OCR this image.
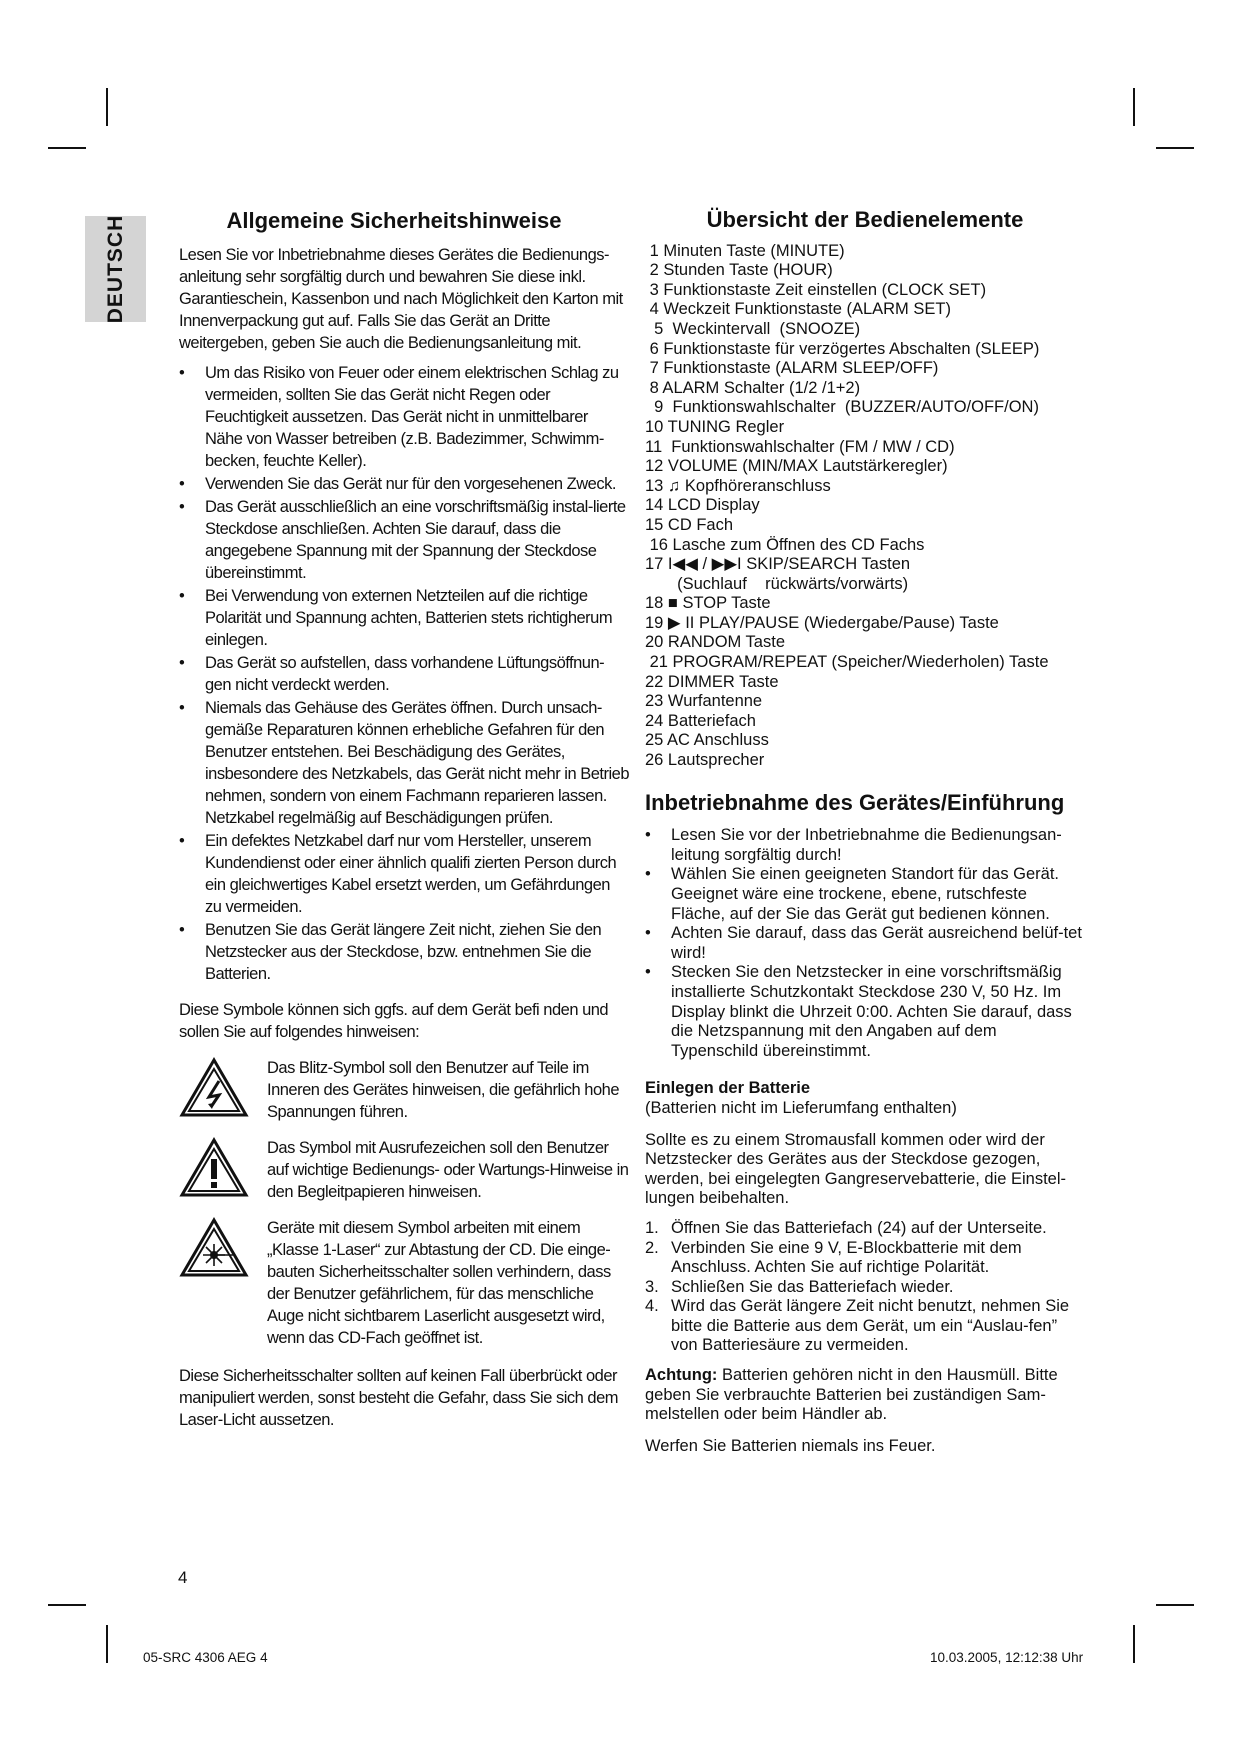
DEUTSCH	Allgemeine Sicherheitshinweise

Lesen Sie vor Inbetriebnahme dieses Gerätes die Bedienungs-anleitung sehr sorgfältig durch und bewahren Sie diese inkl. Garantieschein, Kassenbon und nach Möglichkeit den Karton mit Innenverpackung gut auf. Falls Sie das Gerät an Dritte weitergeben, geben Sie auch die Bedienungsanleitung mit.

• Um das Risiko von Feuer oder einem elektrischen Schlag zu vermeiden, sollten Sie das Gerät nicht Regen oder Feuchtigkeit aussetzen. Das Gerät nicht in unmittelbarer Nähe von Wasser betreiben (z.B. Badezimmer, Schwimm-becken, feuchte Keller).
• Verwenden Sie das Gerät nur für den vorgesehenen Zweck.
• Das Gerät ausschließlich an eine vorschriftsmäßig instal-lierte Steckdose anschließen. Achten Sie darauf, dass die angegebene Spannung mit der Spannung der Steckdose übereinstimmt.
• Bei Verwendung von externen Netzteilen auf die richtige Polarität und Spannung achten, Batterien stets richtigherum einlegen.
• Das Gerät so aufstellen, dass vorhandene Lüftungsöffnun-gen nicht verdeckt werden.
• Niemals das Gehäuse des Gerätes öffnen. Durch unsach-gemäße Reparaturen können erhebliche Gefahren für den Benutzer entstehen. Bei Beschädigung des Gerätes, insbesondere des Netzkabels, das Gerät nicht mehr in Betrieb nehmen, sondern von einem Fachmann reparieren lassen. Netzkabel regelmäßig auf Beschädigungen prüfen.
• Ein defektes Netzkabel darf nur vom Hersteller, unserem Kundendienst oder einer ähnlich qualifi zierten Person durch ein gleichwertiges Kabel ersetzt werden, um Gefährdungen zu vermeiden.
• Benutzen Sie das Gerät längere Zeit nicht, ziehen Sie den Netzstecker aus der Steckdose, bzw. entnehmen Sie die Batterien.

Diese Symbole können sich ggfs. auf dem Gerät befi nden und sollen Sie auf folgendes hinweisen:

Das Blitz-Symbol soll den Benutzer auf Teile im Inneren des Gerätes hinweisen, die gefährlich hohe Spannungen führen.

Das Symbol mit Ausrufezeichen soll den Benutzer auf wichtige Bedienungs- oder Wartungs-Hinweise in den Begleitpapieren hinweisen.

Geräte mit diesem Symbol arbeiten mit einem „Klasse 1-Laser“ zur Abtastung der CD. Die einge-bauten Sicherheitsschalter sollen verhindern, dass der Benutzer gefährlichem, für das menschliche Auge nicht sichtbarem Laserlicht ausgesetzt wird, wenn das CD-Fach geöffnet ist.

Diese Sicherheitsschalter sollten auf keinen Fall überbrückt oder manipuliert werden, sonst besteht die Gefahr, dass Sie sich dem Laser-Licht aussetzen.

Übersicht der Bedienelemente
1 Minuten Taste (MINUTE)
2 Stunden Taste (HOUR)
3 Funktionstaste Zeit einstellen (CLOCK SET)
4 Weckzeit Funktionstaste (ALARM SET)
5  Weckintervall  (SNOOZE)
6 Funktionstaste für verzögertes Abschalten (SLEEP)
7 Funktionstaste (ALARM SLEEP/OFF)
8 ALARM Schalter (1/2 /1+2)
9  Funktionswahlschalter  (BUZZER/AUTO/OFF/ON)
10 TUNING Regler
11  Funktionswahlschalter (FM / MW / CD)
12 VOLUME (MIN/MAX Lautstärkeregler)
13 ♫ Kopfhöreranschluss
14 LCD Display
15 CD Fach
16 Lasche zum Öffnen des CD Fachs
17 I◀◀ / ▶▶I SKIP/SEARCH Tasten
(Suchlauf    rückwärts/vorwärts)
18 ■ STOP Taste
19 ▶ II PLAY/PAUSE (Wiedergabe/Pause) Taste
20 RANDOM Taste
21 PROGRAM/REPEAT (Speicher/Wiederholen) Taste
22 DIMMER Taste
23 Wurfantenne
24 Batteriefach
25 AC Anschluss
26 Lautsprecher
Inbetriebnahme des Gerätes/Einführung
• Lesen Sie vor der Inbetriebnahme die Bedienungsan-leitung sorgfältig durch!
• Wählen Sie einen geeigneten Standort für das Gerät. Geeignet wäre eine trockene, ebene, rutschfeste Fläche, auf der Sie das Gerät gut bedienen können.
• Achten Sie darauf, dass das Gerät ausreichend belüf-tet wird!
• Stecken Sie den Netzstecker in eine vorschriftsmäßig installierte Schutzkontakt Steckdose 230 V, 50 Hz. Im Display blinkt die Uhrzeit 0:00. Achten Sie darauf, dass die Netzspannung mit den Angaben auf dem Typenschild übereinstimmt.

Einlegen der Batterie

(Batterien nicht im Lieferumfang enthalten)

Sollte es zu einem Stromausfall kommen oder wird der Netzstecker des Gerätes aus der Steckdose gezogen, werden, bei eingelegten Gangreservebatterie, die Einstel-lungen beibehalten.

1. Öffnen Sie das Batteriefach (24) auf der Unterseite.
2. Verbinden Sie eine 9 V, E-Blockbatterie mit dem Anschluss. Achten Sie auf richtige Polarität.
3. Schließen Sie das Batteriefach wieder.
4. Wird das Gerät längere Zeit nicht benutzt, nehmen Sie bitte die Batterie aus dem Gerät, um ein “Auslau-fen” von Batteriesäure zu vermeiden.

Achtung: Batterien gehören nicht in den Hausmüll. Bitte geben Sie verbrauchte Batterien bei zuständigen Sam-melstellen oder beim Händler ab.

Werfen Sie Batterien niemals ins Feuer.

4
05-SRC 4306 AEG 4	10.03.2005, 12:12:38 Uhr
